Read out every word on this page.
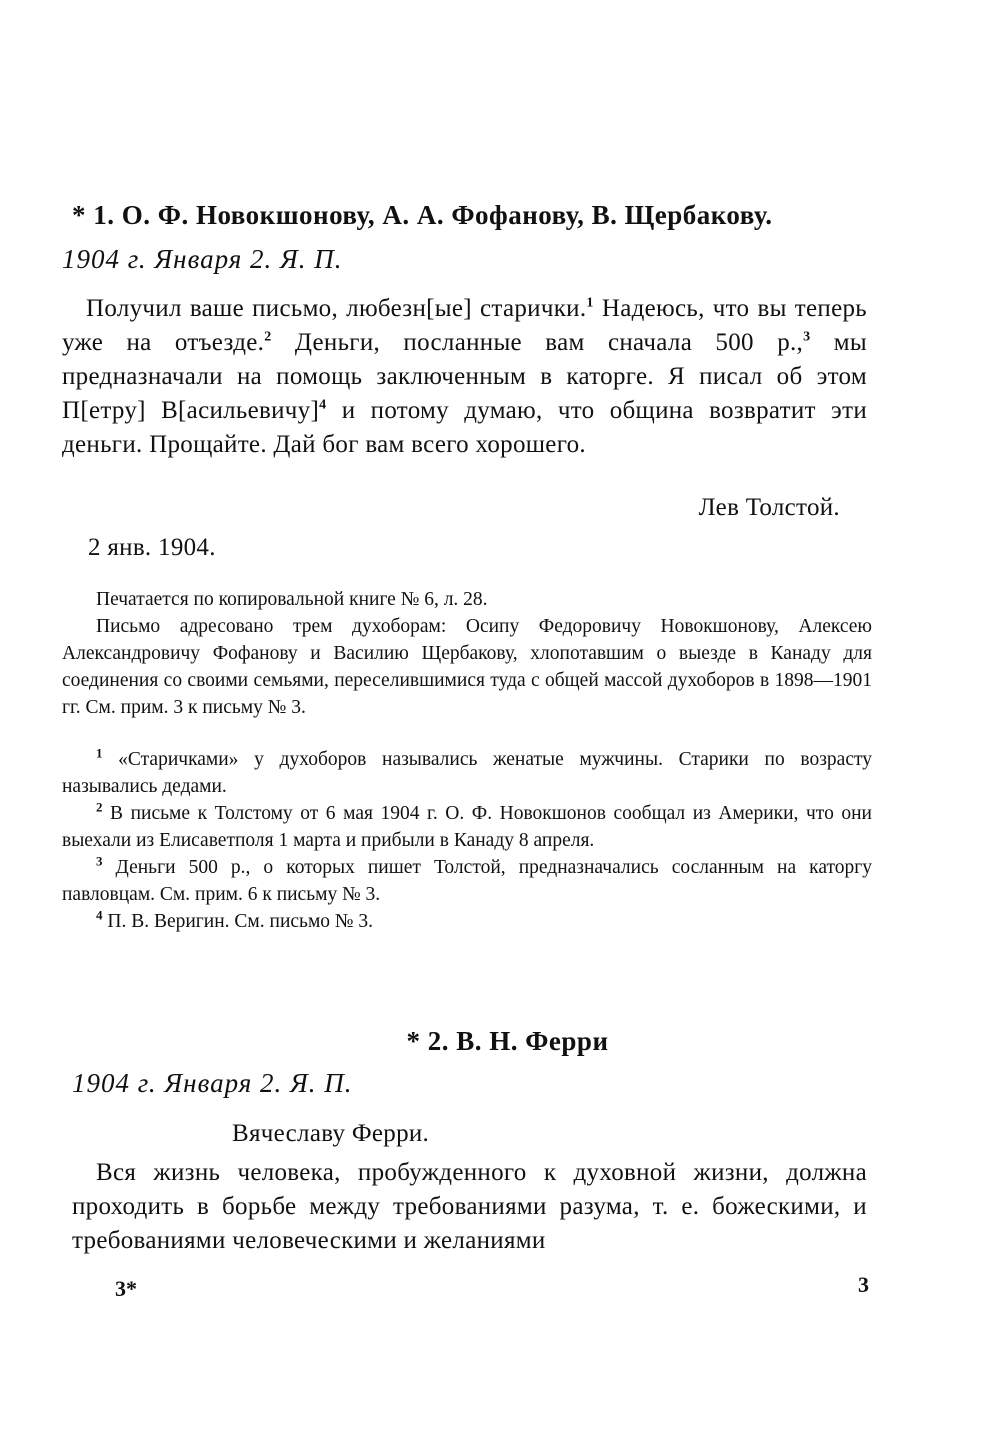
* 1. О. Ф. Новокшонову, А. А. Фофанову, В. Щербакову.
1904 г. Января 2. Я. П.
Получил ваше письмо, любезн[ые] старички.$^1$ Надеюсь, что вы теперь уже на отъезде.$^2$ Деньги, посланные вам сначала 500 р.,$^3$ мы предназначали на помощь заключенным в каторге. Я писал об этом П[етру] В[асильевичу]$^4$ и потому думаю, что община возвратит эти деньги. Прощайте. Дай бог вам всего хорошего.
Лев Толстой.
2 янв. 1904.

Печатается по копировальной книге № 6, л. 28.

Письмо адресовано трем духоборам: Осипу Федоровичу Новокшонову, Алексею Александровичу Фофанову и Василию Щербакову, хлопотавшим о выезде в Канаду для соединения со своими семьями, переселившимися туда с общей массой духоборов в 1898—1901 гг. См. прим. 3 к письму № 3.

$^1$ «Старичками» у духоборов назывались женатые мужчины. Старики по возрасту назывались дедами.

$^2$ В письме к Толстому от 6 мая 1904 г. О. Ф. Новокшонов сообщал из Америки, что они выехали из Елисаветполя 1 марта и прибыли в Канаду 8 апреля.

$^3$ Деньги 500 р., о которых пишет Толстой, предназначались сосланным на каторгу павловцам. См. прим. 6 к письму № 3.

$^4$ П. В. Веригин. См. письмо № 3.

* 2. В. Н. Ферри
1904 г. Января 2. Я. П.
Вячеславу Ферри.
Вся жизнь человека, пробужденного к духовной жизни, должна проходить в борьбе между требованиями разума, т. е. божескими, и требованиями человеческими и желаниями
3*	3
